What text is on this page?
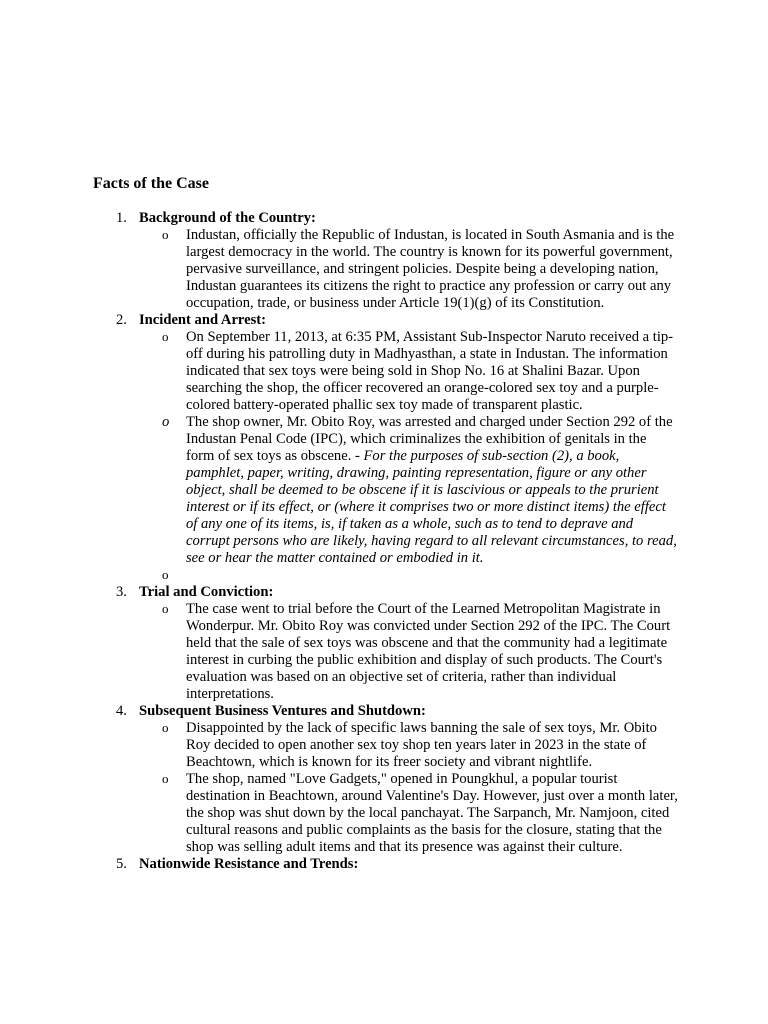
Facts of the Case
1. Background of the Country:
o Industan, officially the Republic of Industan, is located in South Asmania and is the largest democracy in the world. The country is known for its powerful government, pervasive surveillance, and stringent policies. Despite being a developing nation, Industan guarantees its citizens the right to practice any profession or carry out any occupation, trade, or business under Article 19(1)(g) of its Constitution.
2. Incident and Arrest:
o On September 11, 2013, at 6:35 PM, Assistant Sub-Inspector Naruto received a tip-off during his patrolling duty in Madhyasthan, a state in Industan. The information indicated that sex toys were being sold in Shop No. 16 at Shalini Bazar. Upon searching the shop, the officer recovered an orange-colored sex toy and a purple-colored battery-operated phallic sex toy made of transparent plastic.
o The shop owner, Mr. Obito Roy, was arrested and charged under Section 292 of the Industan Penal Code (IPC), which criminalizes the exhibition of genitals in the form of sex toys as obscene. - For the purposes of sub-section (2), a book, pamphlet, paper, writing, drawing, painting representation, figure or any other object, shall be deemed to be obscene if it is lascivious or appeals to the prurient interest or if its effect, or (where it comprises two or more distinct items) the effect of any one of its items, is, if taken as a whole, such as to tend to deprave and corrupt persons who are likely, having regard to all relevant circumstances, to read, see or hear the matter contained or embodied in it.
o
3. Trial and Conviction:
o The case went to trial before the Court of the Learned Metropolitan Magistrate in Wonderpur. Mr. Obito Roy was convicted under Section 292 of the IPC. The Court held that the sale of sex toys was obscene and that the community had a legitimate interest in curbing the public exhibition and display of such products. The Court's evaluation was based on an objective set of criteria, rather than individual interpretations.
4. Subsequent Business Ventures and Shutdown:
o Disappointed by the lack of specific laws banning the sale of sex toys, Mr. Obito Roy decided to open another sex toy shop ten years later in 2023 in the state of Beachtown, which is known for its freer society and vibrant nightlife.
o The shop, named "Love Gadgets," opened in Poungkhul, a popular tourist destination in Beachtown, around Valentine's Day. However, just over a month later, the shop was shut down by the local panchayat. The Sarpanch, Mr. Namjoon, cited cultural reasons and public complaints as the basis for the closure, stating that the shop was selling adult items and that its presence was against their culture.
5. Nationwide Resistance and Trends:
